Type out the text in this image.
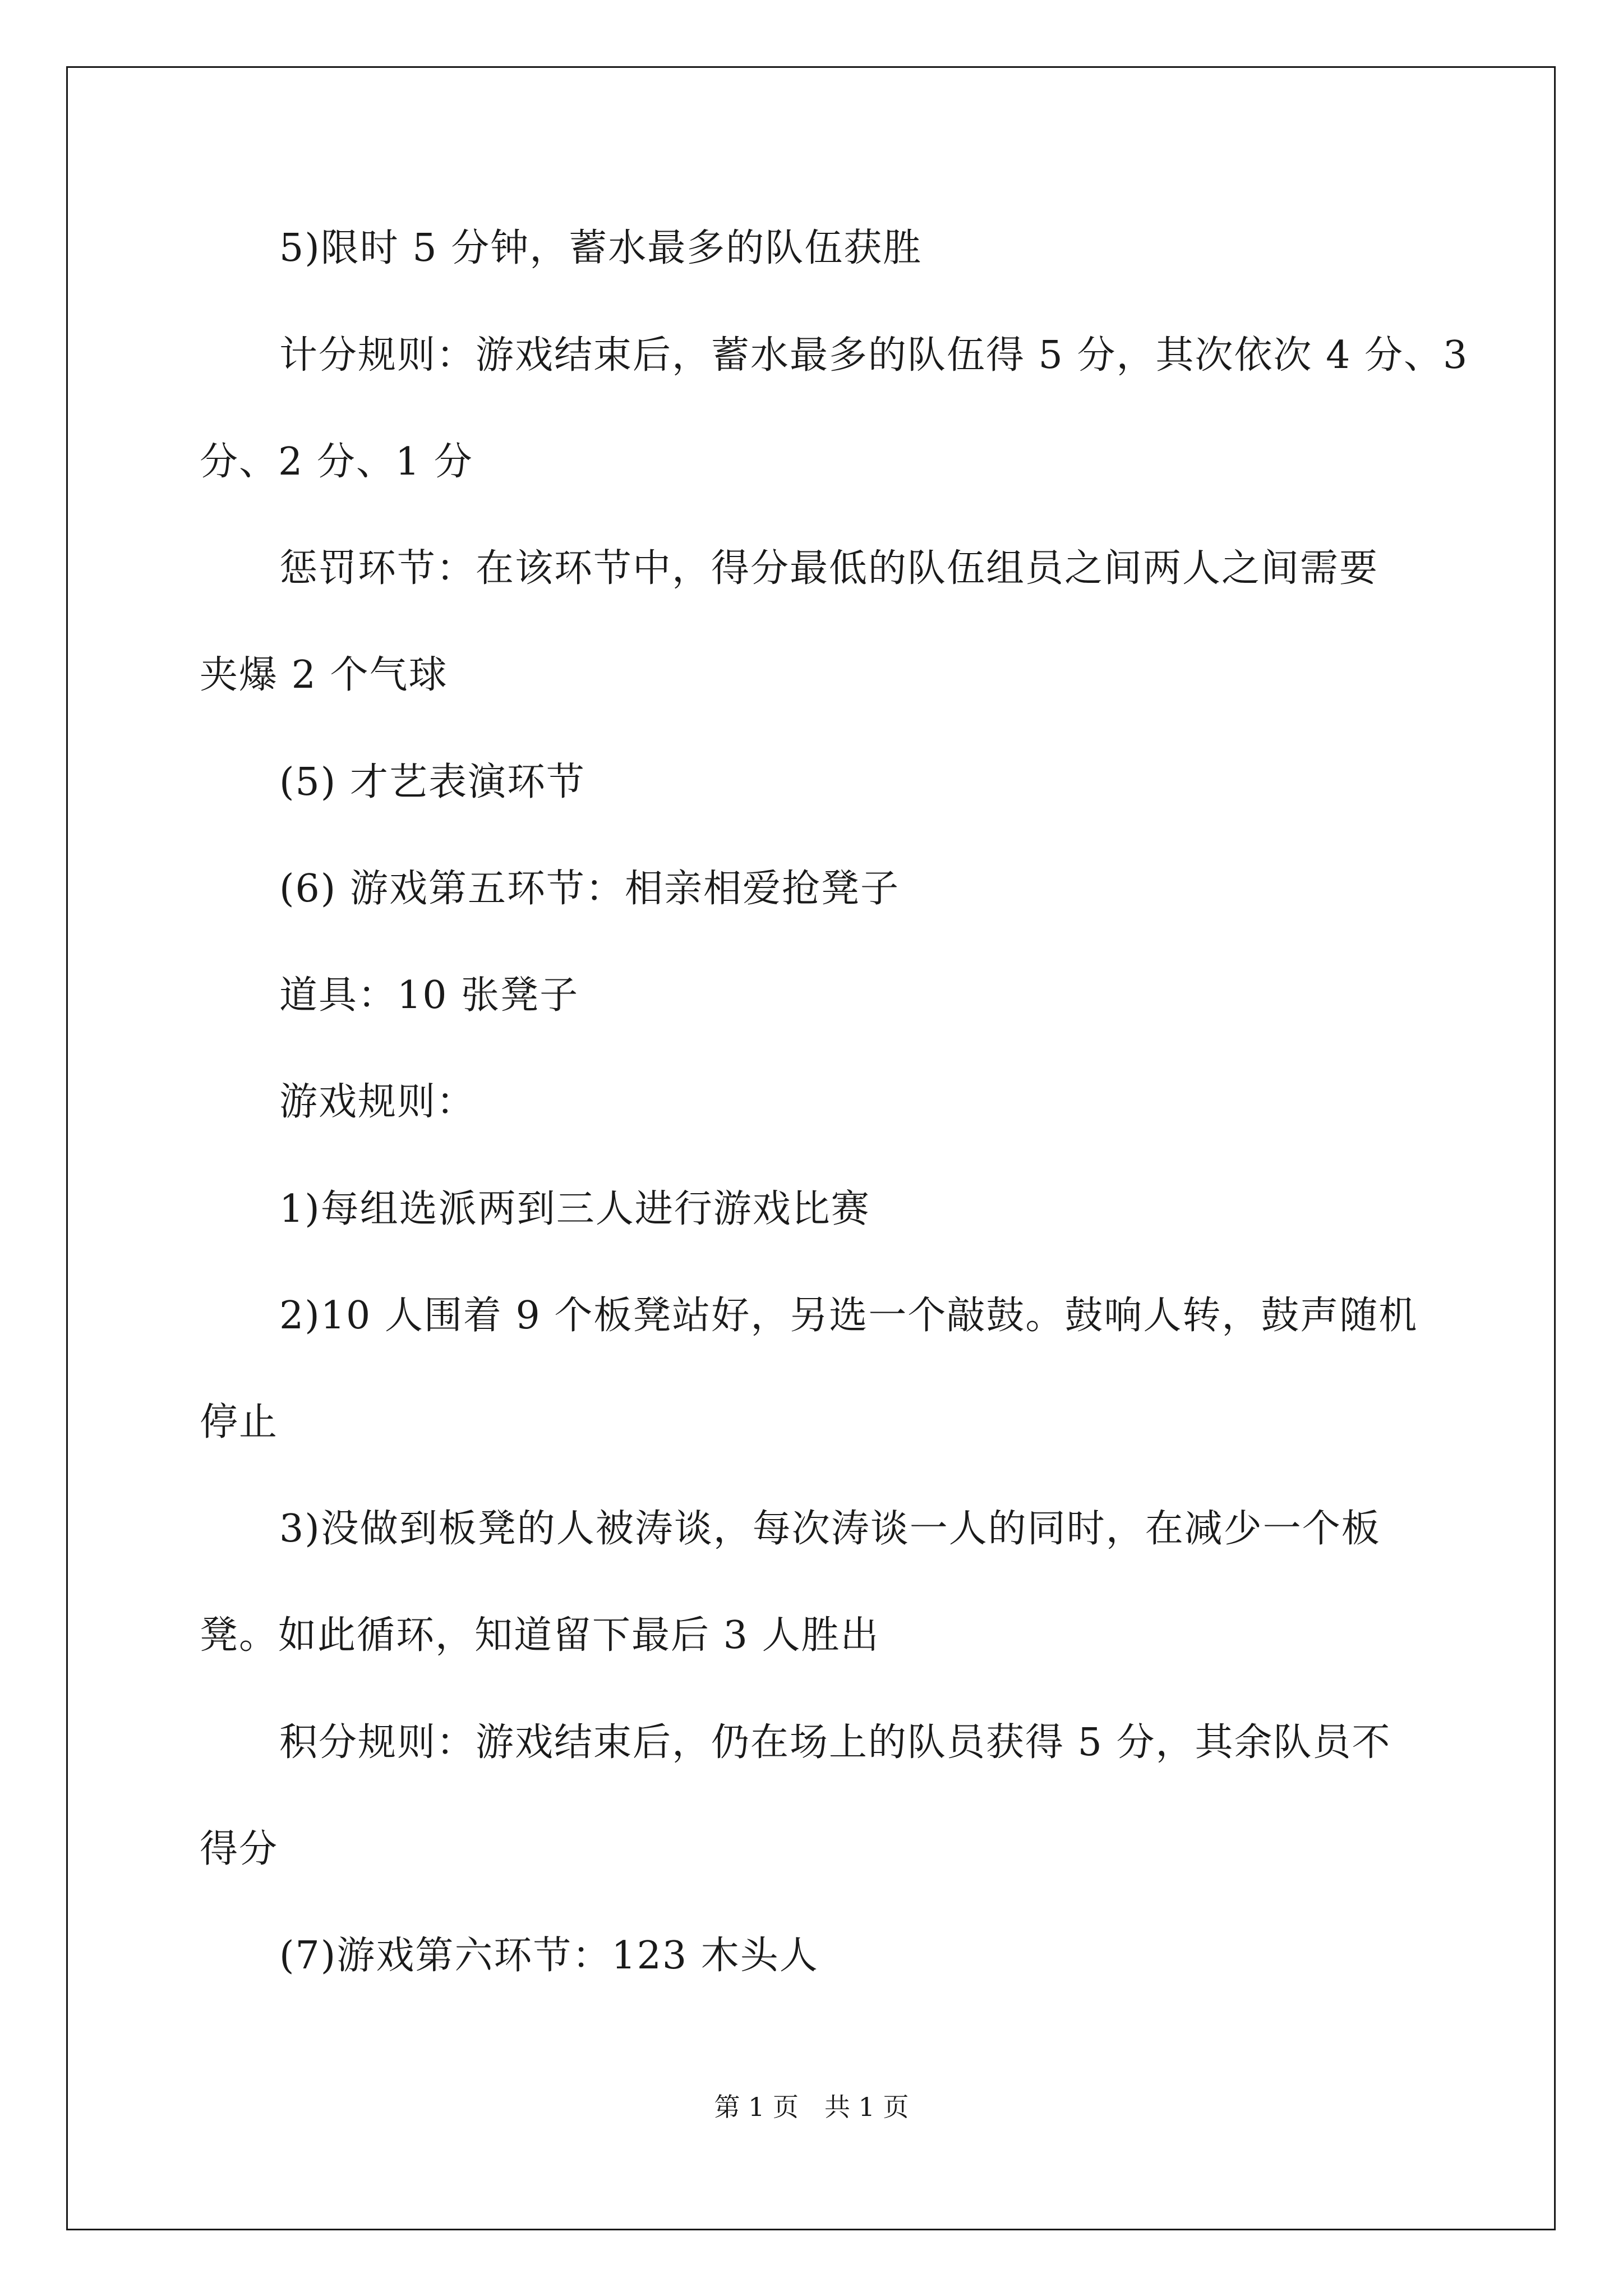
5)限时 5 分钟，蓄水最多的队伍获胜
计分规则：游戏结束后，蓄水最多的队伍得 5 分，其次依次 4 分、3
分、2 分、1 分
惩罚环节：在该环节中，得分最低的队伍组员之间两人之间需要
夹爆 2 个气球
(5) 才艺表演环节
(6) 游戏第五环节：相亲相爱抢凳子
道具：10 张凳子
游戏规则：
1)每组选派两到三人进行游戏比赛
2)10 人围着 9 个板凳站好，另选一个敲鼓。鼓响人转，鼓声随机
停止
3)没做到板凳的人被涛谈，每次涛谈一人的同时，在减少一个板
凳。如此循环，知道留下最后 3 人胜出
积分规则：游戏结束后，仍在场上的队员获得 5 分，其余队员不
得分
(7)游戏第六环节：123 木头人
第 1 页 共 1 页
